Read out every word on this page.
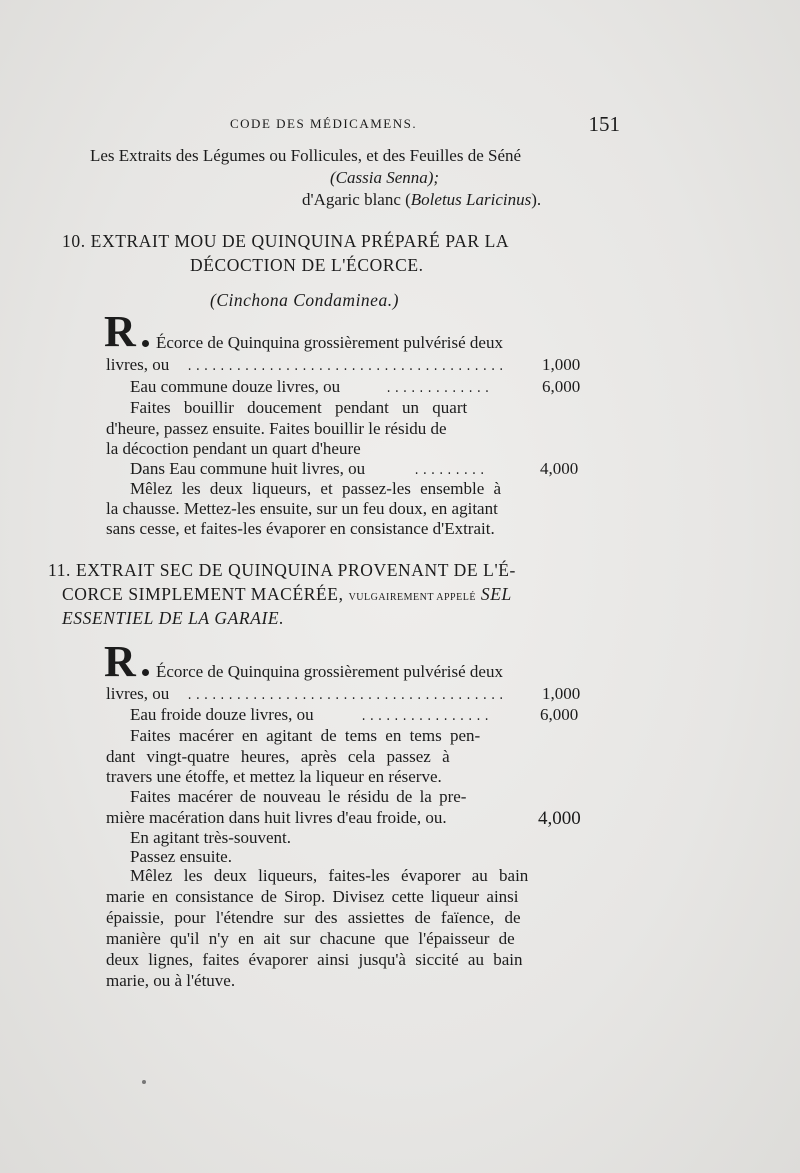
CODE DES MÉDICAMENS.	151
Les Extraits des Légumes ou Follicules, et des Feuilles de Séné
(Cassia Senna);
d'Agaric blanc (Boletus Laricinus).
10. EXTRAIT MOU DE QUINQUINA PRÉPARÉ PAR LA
DÉCOCTION DE L'ÉCORCE.
(Cinchona Condaminea.)
R Écorce de Quinquina grossièrement pulvérisé deux
livres, ou ....................................... 1,000
Eau commune douze livres, ou	.............	6,000
Faites bouillir doucement pendant un quart
d'heure, passez ensuite. Faites bouillir le résidu de
la décoction pendant un quart d'heure
Dans Eau commune huit livres, ou	.........	4,000
Mêlez les deux liqueurs, et passez-les ensemble à
la chausse. Mettez-les ensuite, sur un feu doux, en agitant
sans cesse, et faites-les évaporer en consistance d'Extrait.
11. EXTRAIT SEC DE QUINQUINA PROVENANT DE L'É-
CORCE SIMPLEMENT MACÉRÉE, VULGAIREMENT APPELÉ SEL
ESSENTIEL DE LA GARAIE.
R Écorce de Quinquina grossièrement pulvérisé deux
livres, ou ....................................... 1,000
Eau froide douze livres, ou	................	6,000
Faites macérer en agitant de tems en tems pen-
dant vingt-quatre heures, après cela passez à
travers une étoffe, et mettez la liqueur en réserve.
Faites macérer de nouveau le résidu de la pre-
mière macération dans huit livres d'eau froide, ou.	4,000
En agitant très-souvent.
Passez ensuite.
Mêlez les deux liqueurs, faites-les évaporer au bain
marie en consistance de Sirop. Divisez cette liqueur ainsi
épaissie, pour l'étendre sur des assiettes de faïence, de
manière qu'il n'y en ait sur chacune que l'épaisseur de
deux lignes, faites évaporer ainsi jusqu'à siccité au bain
marie, ou à l'étuve.
